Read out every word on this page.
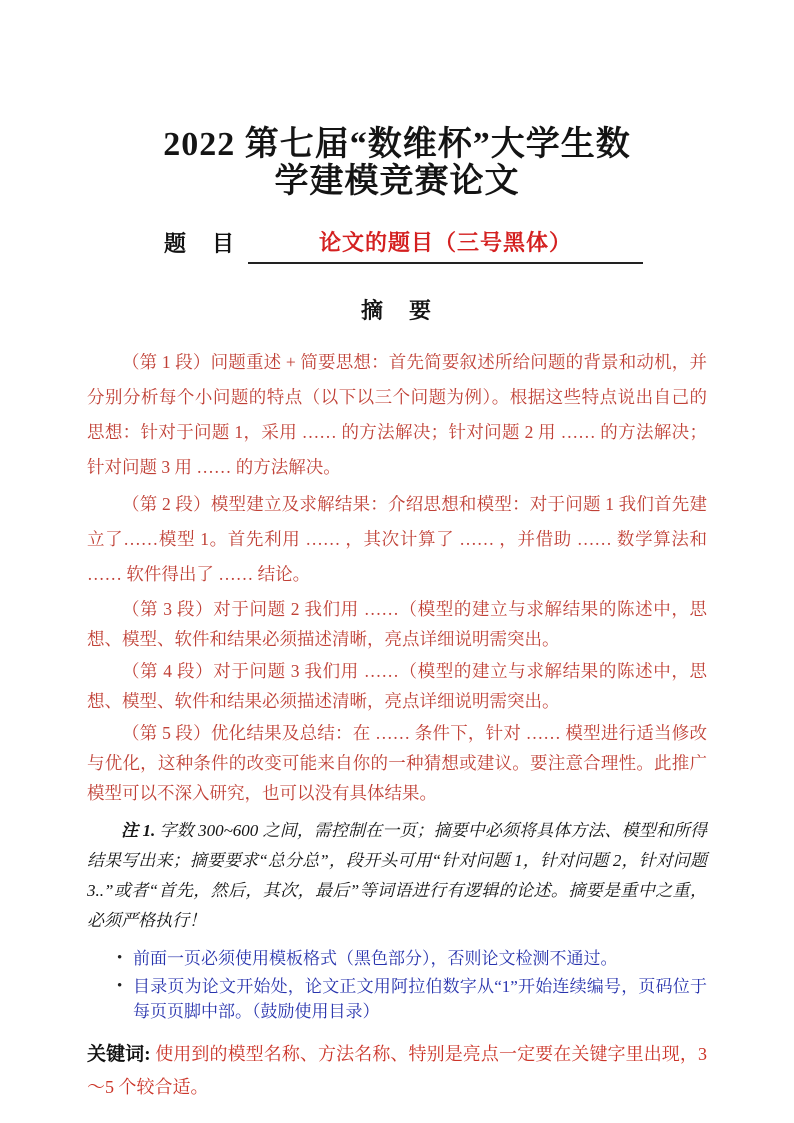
2022 第七届“数维杯”大学生数
学建模竞赛论文
题　目	论文的题目（三号黑体）
摘　要

（第 1 段）问题重述 + 简要思想：首先简要叙述所给问题的背景和动机，并分别分析每个小问题的特点（以下以三个问题为例）。根据这些特点说出自己的思想：针对于问题 1，采用 …… 的方法解决；针对问题 2 用 …… 的方法解决；针对问题 3 用 …… 的方法解决。

（第 2 段）模型建立及求解结果：介绍思想和模型：对于问题 1 我们首先建立了……模型 1。首先利用 …… ，其次计算了 …… ，并借助 …… 数学算法和 …… 软件得出了 …… 结论。

（第 3 段）对于问题 2 我们用 ……（模型的建立与求解结果的陈述中，思想、模型、软件和结果必须描述清晰，亮点详细说明需突出。

（第 4 段）对于问题 3 我们用 ……（模型的建立与求解结果的陈述中，思想、模型、软件和结果必须描述清晰，亮点详细说明需突出。

（第 5 段）优化结果及总结：在 …… 条件下，针对 …… 模型进行适当修改与优化，这种条件的改变可能来自你的一种猜想或建议。要注意合理性。此推广模型可以不深入研究，也可以没有具体结果。

注 1. 字数 300~600 之间，需控制在一页；摘要中必须将具体方法、模型和所得结果写出来；摘要要求“总分总”，段开头可用“针对问题 1，针对问题 2，针对问题 3..”或者“首先，然后，其次，最后”等词语进行有逻辑的论述。摘要是重中之重，必须严格执行！

• 前面一页必须使用模板格式（黑色部分），否则论文检测不通过。
• 目录页为论文开始处，论文正文用阿拉伯数字从“1”开始连续编号，页码位于每页页脚中部。（鼓励使用目录）

关键词: 使用到的模型名称、方法名称、特别是亮点一定要在关键字里出现，3～5 个较合适。
